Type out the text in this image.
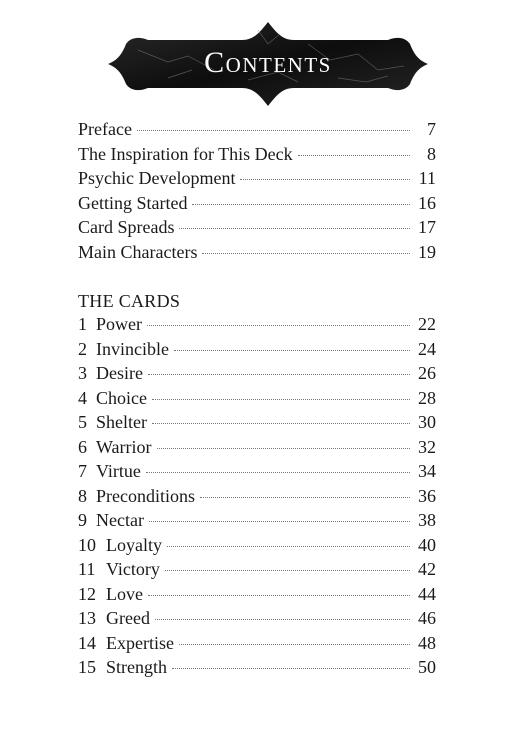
Contents
Preface	7
The Inspiration for This Deck	8
Psychic Development	11
Getting Started	16
Card Spreads	17
Main Characters	19
THE CARDS
1 Power	22
2 Invincible	24
3 Desire	26
4 Choice	28
5 Shelter	30
6 Warrior	32
7 Virtue	34
8 Preconditions	36
9 Nectar	38
10 Loyalty	40
11 Victory	42
12 Love	44
13 Greed	46
14 Expertise	48
15 Strength	50
